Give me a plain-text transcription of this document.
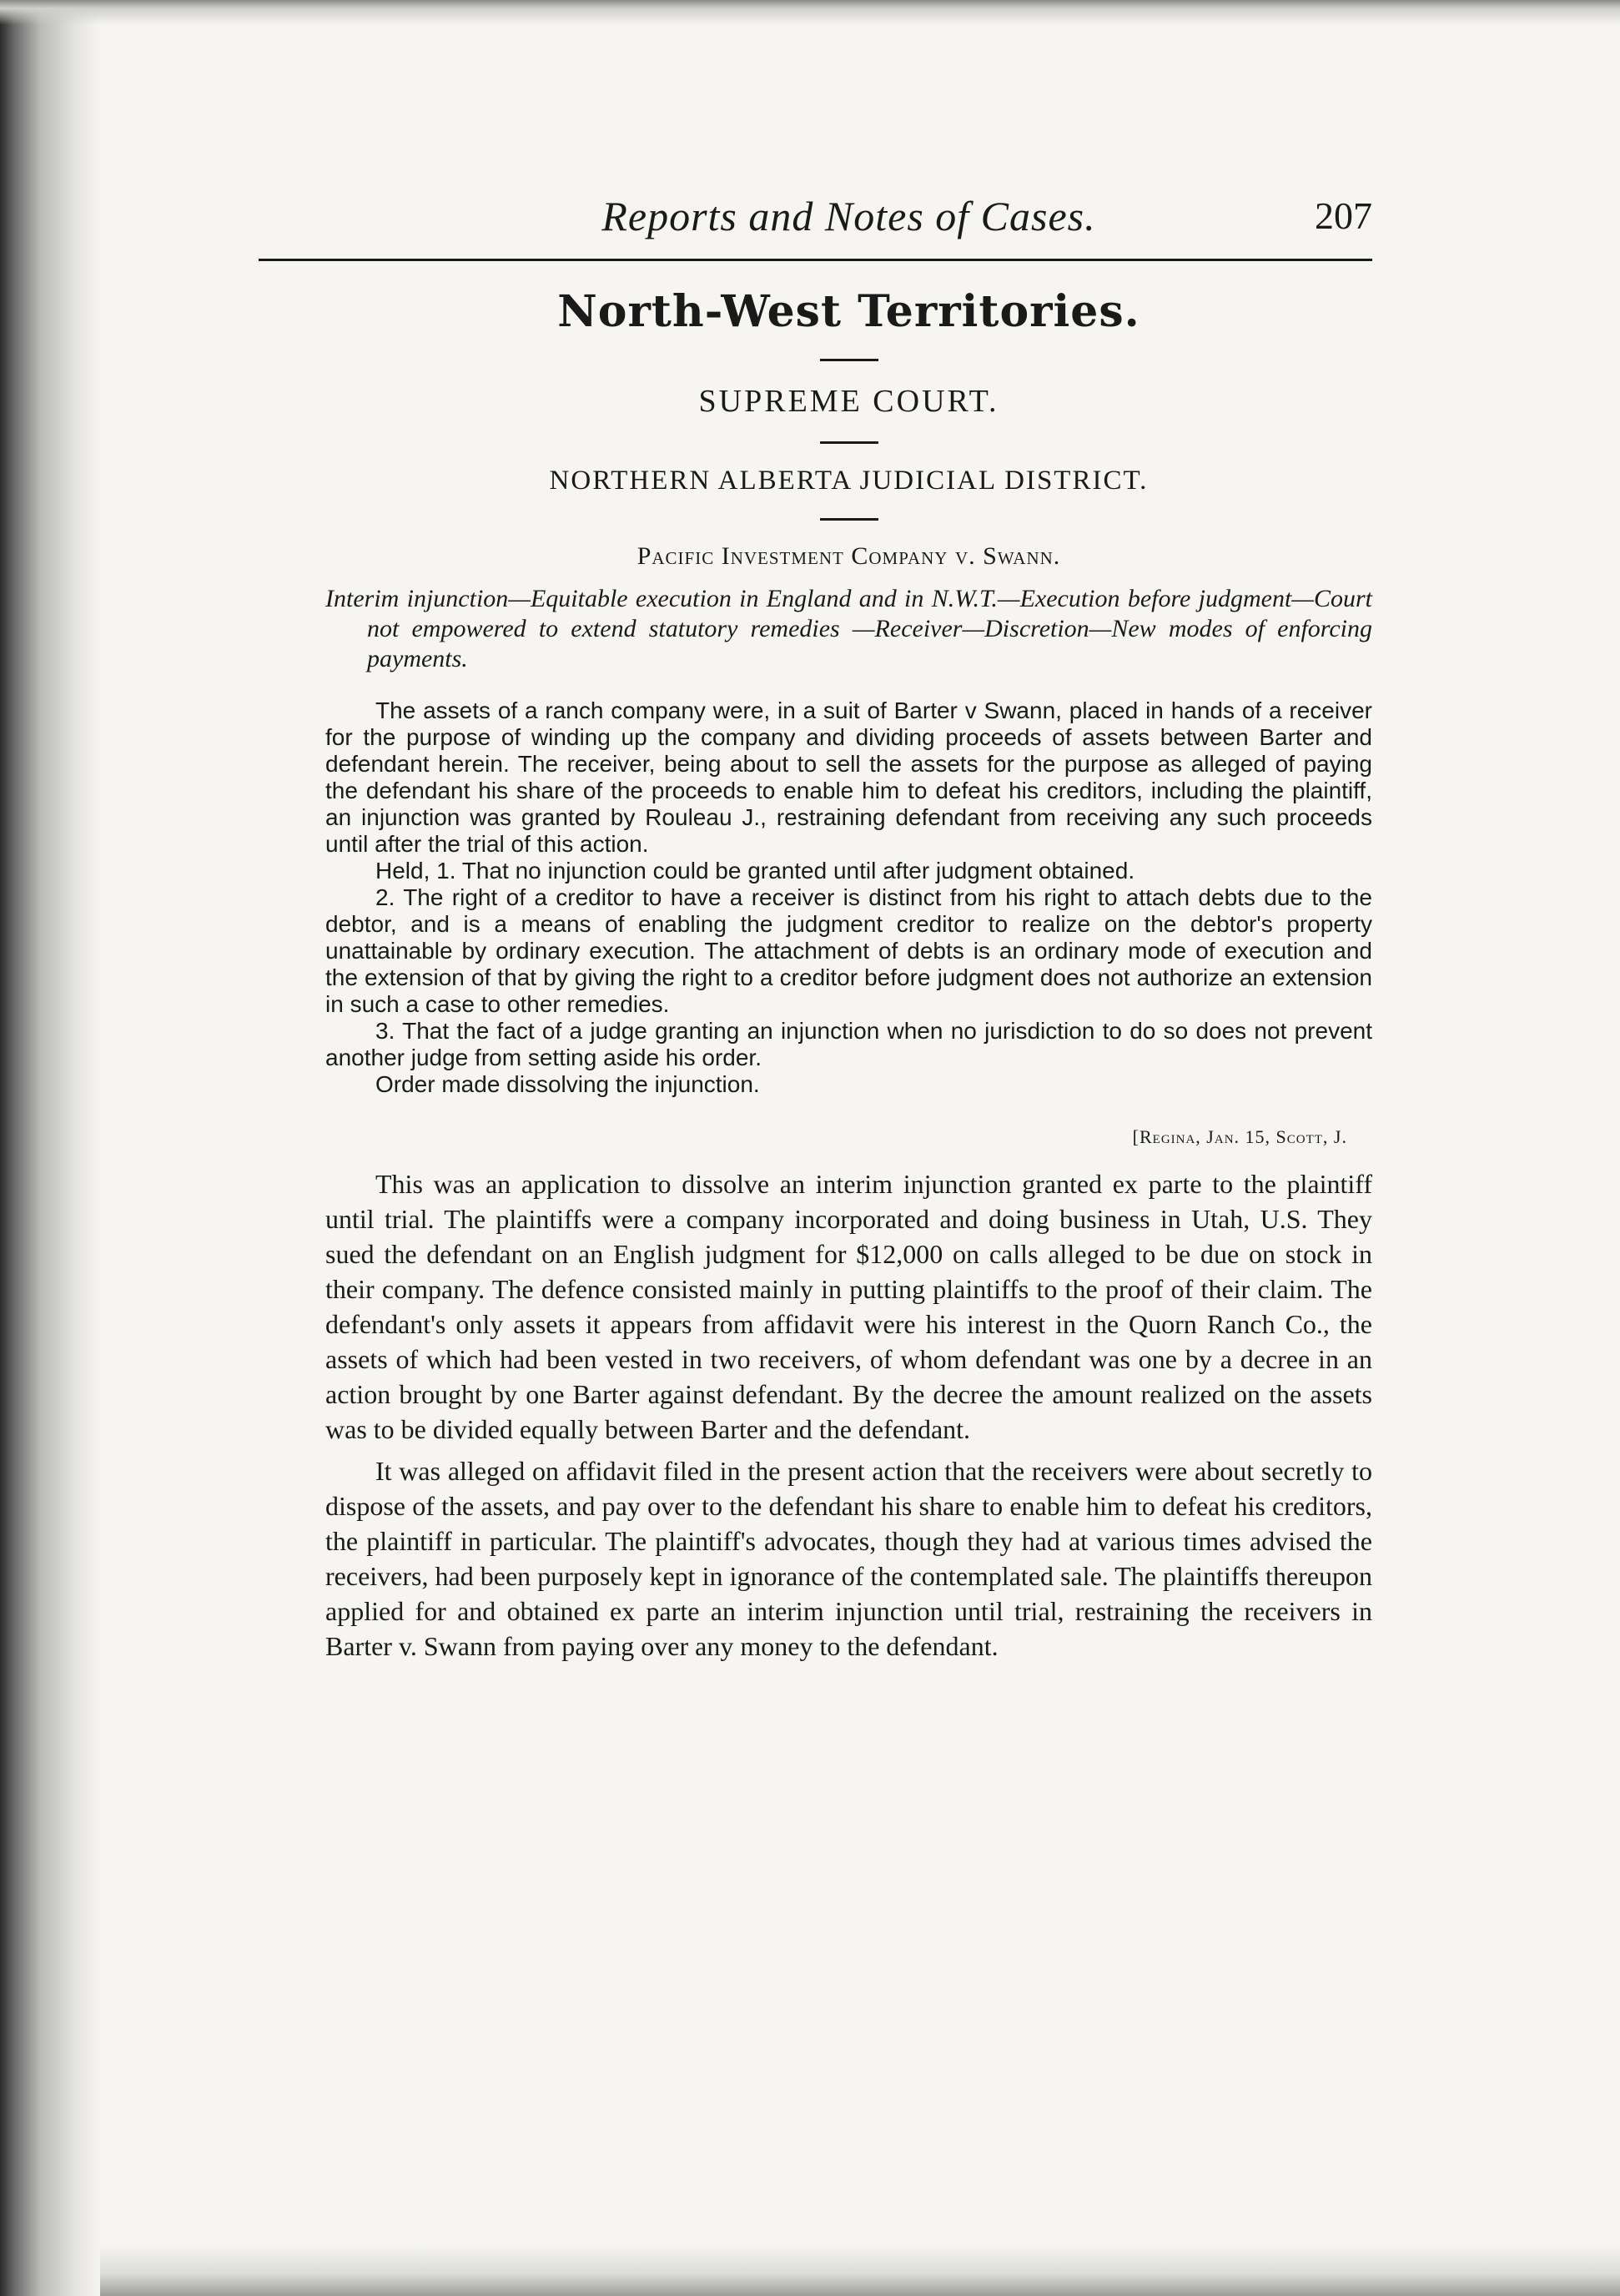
Reports and Notes of Cases.	207
North-West Territories.
SUPREME COURT.
NORTHERN ALBERTA JUDICIAL DISTRICT.
Pacific Investment Company v. Swann.
Interim injunction—Equitable execution in England and in N.W.T.—Execution before judgment—Court not empowered to extend statutory remedies —Receiver—Discretion—New modes of enforcing payments.

The assets of a ranch company were, in a suit of Barter v Swann, placed in hands of a receiver for the purpose of winding up the company and dividing proceeds of assets between Barter and defendant herein. The receiver, being about to sell the assets for the purpose as alleged of paying the defendant his share of the proceeds to enable him to defeat his creditors, including the plaintiff, an injunction was granted by Rouleau J., restraining defendant from receiving any such proceeds until after the trial of this action.

Held, 1. That no injunction could be granted until after judgment obtained.

2. The right of a creditor to have a receiver is distinct from his right to attach debts due to the debtor, and is a means of enabling the judgment creditor to realize on the debtor's property unattainable by ordinary execution. The attachment of debts is an ordinary mode of execution and the extension of that by giving the right to a creditor before judgment does not authorize an extension in such a case to other remedies.

3. That the fact of a judge granting an injunction when no jurisdiction to do so does not prevent another judge from setting aside his order.

Order made dissolving the injunction.

[Regina, Jan. 15, Scott, J.

This was an application to dissolve an interim injunction granted ex parte to the plaintiff until trial. The plaintiffs were a company incorporated and doing business in Utah, U.S. They sued the defendant on an English judgment for $12,000 on calls alleged to be due on stock in their company. The defence consisted mainly in putting plaintiffs to the proof of their claim. The defendant's only assets it appears from affidavit were his interest in the Quorn Ranch Co., the assets of which had been vested in two receivers, of whom defendant was one by a decree in an action brought by one Barter against defendant. By the decree the amount realized on the assets was to be divided equally between Barter and the defendant.

It was alleged on affidavit filed in the present action that the receivers were about secretly to dispose of the assets, and pay over to the defendant his share to enable him to defeat his creditors, the plaintiff in particular. The plaintiff's advocates, though they had at various times advised the receivers, had been purposely kept in ignorance of the contemplated sale. The plaintiffs thereupon applied for and obtained ex parte an interim injunction until trial, restraining the receivers in Barter v. Swann from paying over any money to the defendant.
